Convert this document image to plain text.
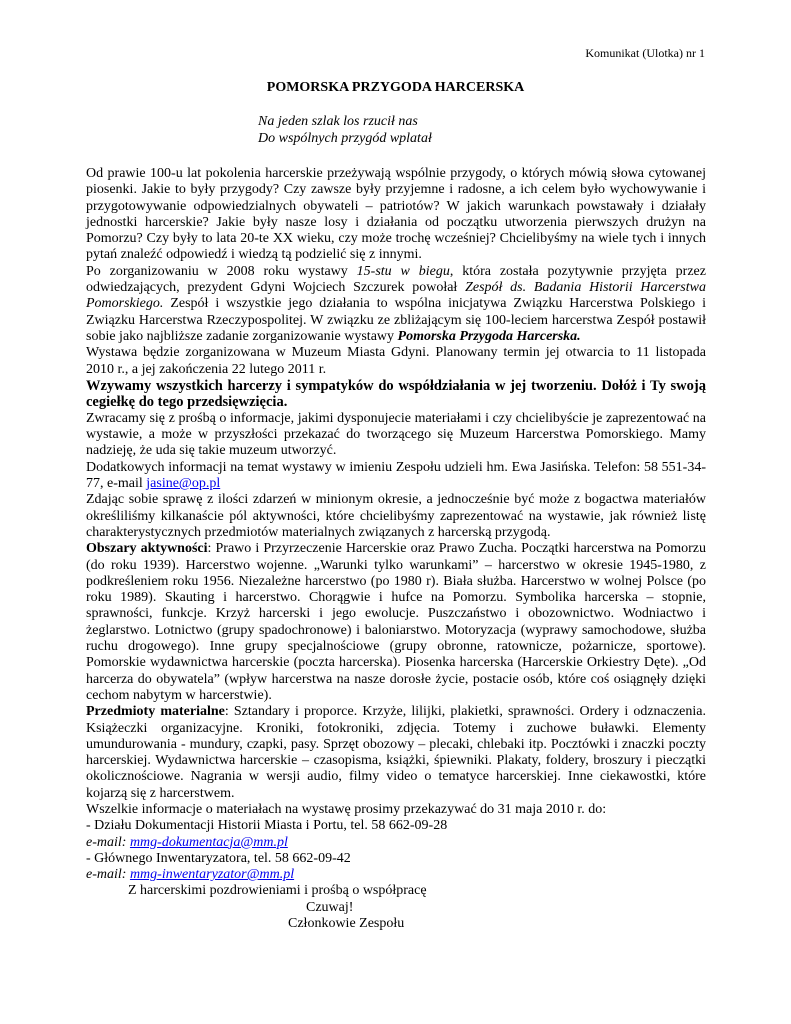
Komunikat (Ulotka) nr 1
POMORSKA PRZYGODA HARCERSKA
Na jeden szlak los rzucił nas
Do wspólnych przygód wplatał

Od prawie 100-u lat pokolenia harcerskie przeżywają wspólnie przygody, o których mówią słowa cytowanej piosenki. Jakie to były przygody? Czy zawsze były przyjemne i radosne, a ich celem było wychowywanie i przygotowywanie odpowiedzialnych obywateli – patriotów? W jakich warunkach powstawały i działały jednostki harcerskie? Jakie były nasze losy i działania od początku utworzenia pierwszych drużyn na Pomorzu? Czy były to lata 20-te XX wieku, czy może trochę wcześniej? Chcielibyśmy na wiele tych i innych pytań znaleźć odpowiedź i wiedzą tą podzielić się z innymi.

Po zorganizowaniu w 2008 roku wystawy 15-stu w biegu, która została pozytywnie przyjęta przez odwiedzających, prezydent Gdyni Wojciech Szczurek powołał Zespół ds. Badania Historii Harcerstwa Pomorskiego. Zespół i wszystkie jego działania to wspólna inicjatywa Związku Harcerstwa Polskiego i Związku Harcerstwa Rzeczypospolitej. W związku ze zbliżającym się 100-leciem harcerstwa Zespół postawił sobie jako najbliższe zadanie zorganizowanie wystawy Pomorska Przygoda Harcerska.

Wystawa będzie zorganizowana w Muzeum Miasta Gdyni. Planowany termin jej otwarcia to 11 listopada 2010 r., a jej zakończenia 22 lutego 2011 r.

Wzywamy wszystkich harcerzy i sympatyków do współdziałania w jej tworzeniu. Dołóż i Ty swoją cegiełkę do tego przedsięwzięcia.

Zwracamy się z prośbą o informacje, jakimi dysponujecie materiałami i czy chcielibyście je zaprezentować na wystawie, a może w przyszłości przekazać do tworzącego się Muzeum Harcerstwa Pomorskiego. Mamy nadzieję, że uda się takie muzeum utworzyć.

Dodatkowych informacji na temat wystawy w imieniu Zespołu udzieli hm. Ewa Jasińska. Telefon: 58 551-34-77, e-mail jasine@op.pl

Zdając sobie sprawę z ilości zdarzeń w minionym okresie, a jednocześnie być może z bogactwa materiałów określiliśmy kilkanaście pól aktywności, które chcielibyśmy zaprezentować na wystawie, jak również listę charakterystycznych przedmiotów materialnych związanych z harcerską przygodą.

Obszary aktywności: Prawo i Przyrzeczenie Harcerskie oraz Prawo Zucha. Początki harcerstwa na Pomorzu (do roku 1939). Harcerstwo wojenne. „Warunki tylko warunkami” – harcerstwo w okresie 1945-1980, z podkreśleniem roku 1956. Niezależne harcerstwo (po 1980 r). Biała służba. Harcerstwo w wolnej Polsce (po roku 1989). Skauting i harcerstwo. Chorągwie i hufce na Pomorzu. Symbolika harcerska – stopnie, sprawności, funkcje. Krzyż harcerski i jego ewolucje. Puszczaństwo i obozownictwo. Wodniactwo i żeglarstwo. Lotnictwo (grupy spadochronowe) i baloniarstwo. Motoryzacja (wyprawy samochodowe, służba ruchu drogowego). Inne grupy specjalnościowe (grupy obronne, ratownicze, pożarnicze, sportowe). Pomorskie wydawnictwa harcerskie (poczta harcerska). Piosenka harcerska (Harcerskie Orkiestry Dęte). „Od harcerza do obywatela” (wpływ harcerstwa na nasze dorosłe życie, postacie osób, które coś osiągnęły dzięki cechom nabytym w harcerstwie).

Przedmioty materialne: Sztandary i proporce. Krzyże, lilijki, plakietki, sprawności. Ordery i odznaczenia. Książeczki organizacyjne. Kroniki, fotokroniki, zdjęcia. Totemy i zuchowe buławki. Elementy umundurowania - mundury, czapki, pasy. Sprzęt obozowy – plecaki, chlebaki itp. Pocztówki i znaczki poczty harcerskiej. Wydawnictwa harcerskie – czasopisma, książki, śpiewniki. Plakaty, foldery, broszury i pieczątki okolicznościowe. Nagrania w wersji audio, filmy video o tematyce harcerskiej. Inne ciekawostki, które kojarzą się z harcerstwem.

Wszelkie informacje o materiałach na wystawę prosimy przekazywać do 31 maja 2010 r. do:

- Działu Dokumentacji Historii Miasta i Portu, tel. 58 662-09-28

e-mail: mmg-dokumentacja@mm.pl

- Głównego Inwentaryzatora, tel. 58 662-09-42

e-mail: mmg-inwentaryzator@mm.pl

Z harcerskimi pozdrowieniami i prośbą o współpracę

Czuwaj!

Członkowie Zespołu
